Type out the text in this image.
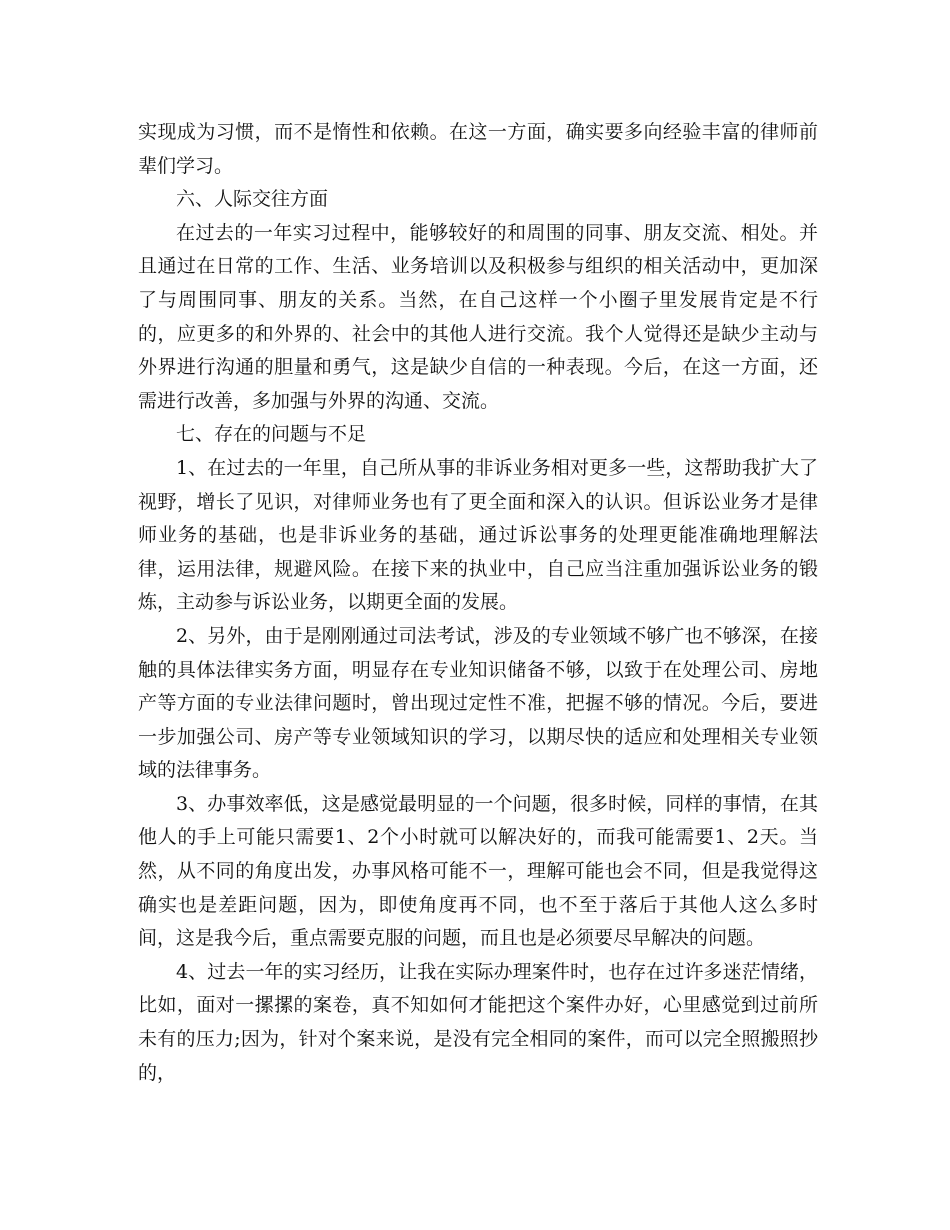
实现成为习惯，而不是惰性和依赖。在这一方面，确实要多向经验丰富的律师前辈们学习。

六、人际交往方面

在过去的一年实习过程中，能够较好的和周围的同事、朋友交流、相处。并且通过在日常的工作、生活、业务培训以及积极参与组织的相关活动中，更加深了与周围同事、朋友的关系。当然，在自己这样一个小圈子里发展肯定是不行的，应更多的和外界的、社会中的其他人进行交流。我个人觉得还是缺少主动与外界进行沟通的胆量和勇气，这是缺少自信的一种表现。今后，在这一方面，还需进行改善，多加强与外界的沟通、交流。

七、存在的问题与不足

1、在过去的一年里，自己所从事的非诉业务相对更多一些，这帮助我扩大了视野，增长了见识，对律师业务也有了更全面和深入的认识。但诉讼业务才是律师业务的基础，也是非诉业务的基础，通过诉讼事务的处理更能准确地理解法律，运用法律，规避风险。在接下来的执业中，自己应当注重加强诉讼业务的锻炼，主动参与诉讼业务，以期更全面的发展。

2、另外，由于是刚刚通过司法考试，涉及的专业领域不够广也不够深，在接触的具体法律实务方面，明显存在专业知识储备不够，以致于在处理公司、房地产等方面的专业法律问题时，曾出现过定性不准，把握不够的情况。今后，要进一步加强公司、房产等专业领域知识的学习，以期尽快的适应和处理相关专业领域的法律事务。

3、办事效率低，这是感觉最明显的一个问题，很多时候，同样的事情，在其他人的手上可能只需要1、2个小时就可以解决好的，而我可能需要1、2天。当然，从不同的角度出发，办事风格可能不一，理解可能也会不同，但是我觉得这确实也是差距问题，因为，即使角度再不同，也不至于落后于其他人这么多时间，这是我今后，重点需要克服的问题，而且也是必须要尽早解决的问题。

4、过去一年的实习经历，让我在实际办理案件时，也存在过许多迷茫情绪，比如，面对一摞摞的案卷，真不知如何才能把这个案件办好，心里感觉到过前所未有的压力;因为，针对个案来说，是没有完全相同的案件，而可以完全照搬照抄的，
